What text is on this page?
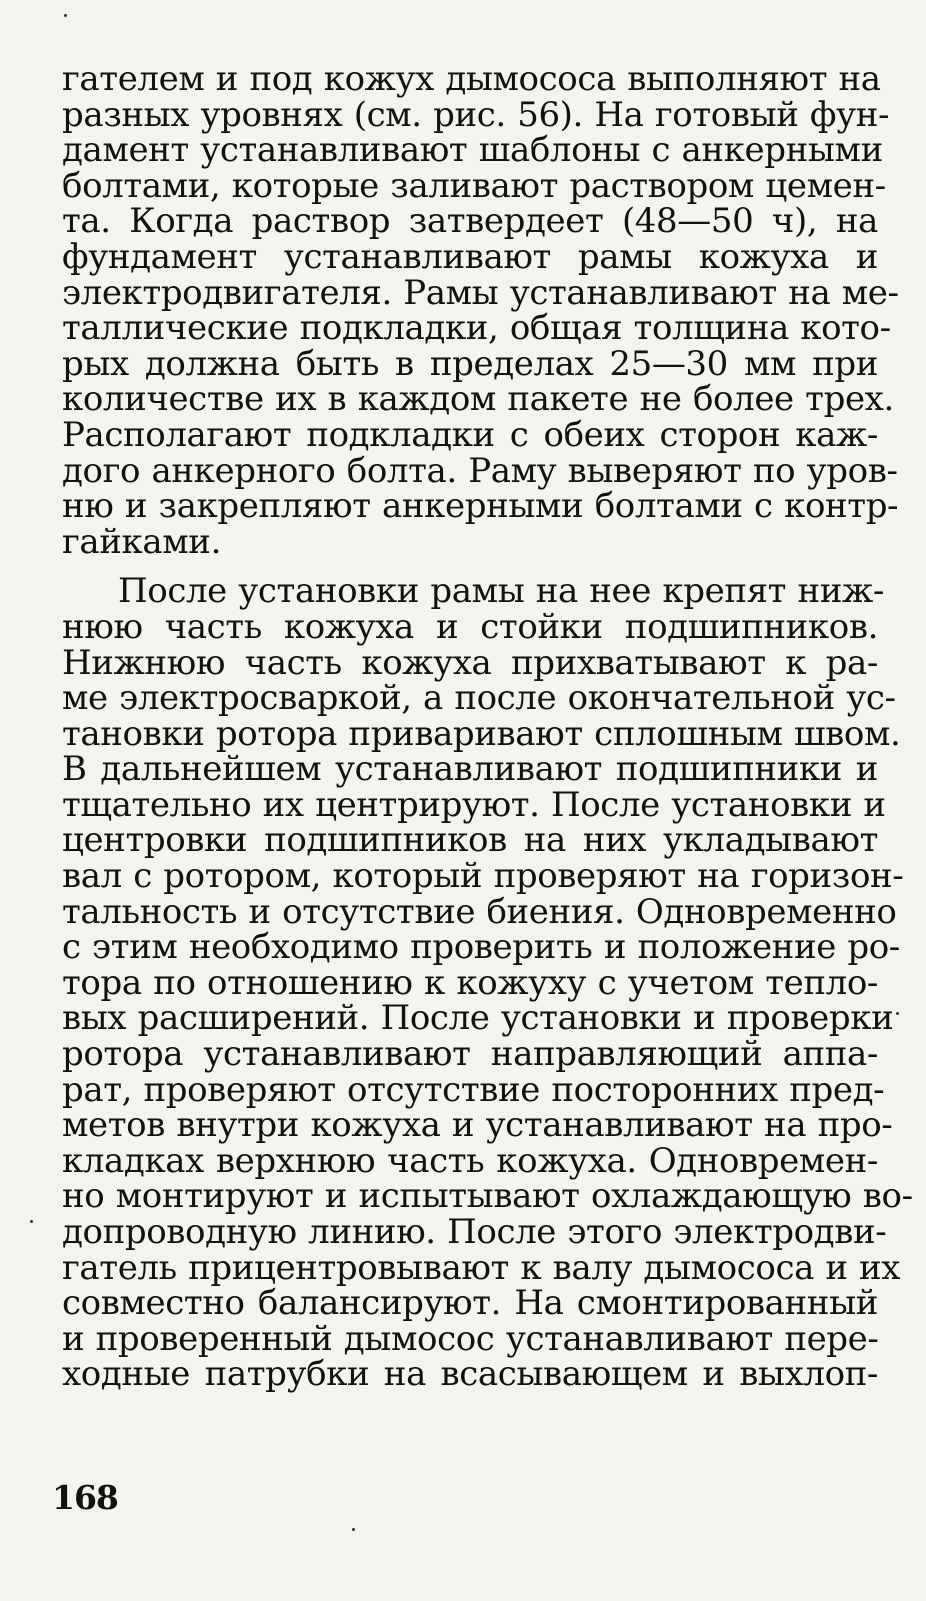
гателем и под кожух дымососа выполняют на
разных уровнях (см. рис. 56). На готовый фун-
дамент устанавливают шаблоны с анкерными
болтами, которые заливают раствором цемен-
та. Когда раствор затвердеет (48—50 ч), на
фундамент устанавливают рамы кожуха и
электродвигателя. Рамы устанавливают на ме-
таллические подкладки, общая толщина кото-
рых должна быть в пределах 25—30 мм при
количестве их в каждом пакете не более трех.
Располагают подкладки с обеих сторон каж-
дого анкерного болта. Раму выверяют по уров-
ню и закрепляют анкерными болтами с контр-
гайками.
После установки рамы на нее крепят ниж-
нюю часть кожуха и стойки подшипников.
Нижнюю часть кожуха прихватывают к ра-
ме электросваркой, а после окончательной ус-
тановки ротора приваривают сплошным швом.
В дальнейшем устанавливают подшипники и
тщательно их центрируют. После установки и
центровки подшипников на них укладывают
вал с ротором, который проверяют на горизон-
тальность и отсутствие биения. Одновременно
с этим необходимо проверить и положение ро-
тора по отношению к кожуху с учетом тепло-
вых расширений. После установки и проверки
ротора устанавливают направляющий аппа-
рат, проверяют отсутствие посторонних пред-
метов внутри кожуха и устанавливают на про-
кладках верхнюю часть кожуха. Одновремен-
но монтируют и испытывают охлаждающую во-
допроводную линию. После этого электродви-
гатель прицентровывают к валу дымососа и их
совместно балансируют. На смонтированный
и проверенный дымосос устанавливают пере-
ходные патрубки на всасывающем и выхлоп-
168
